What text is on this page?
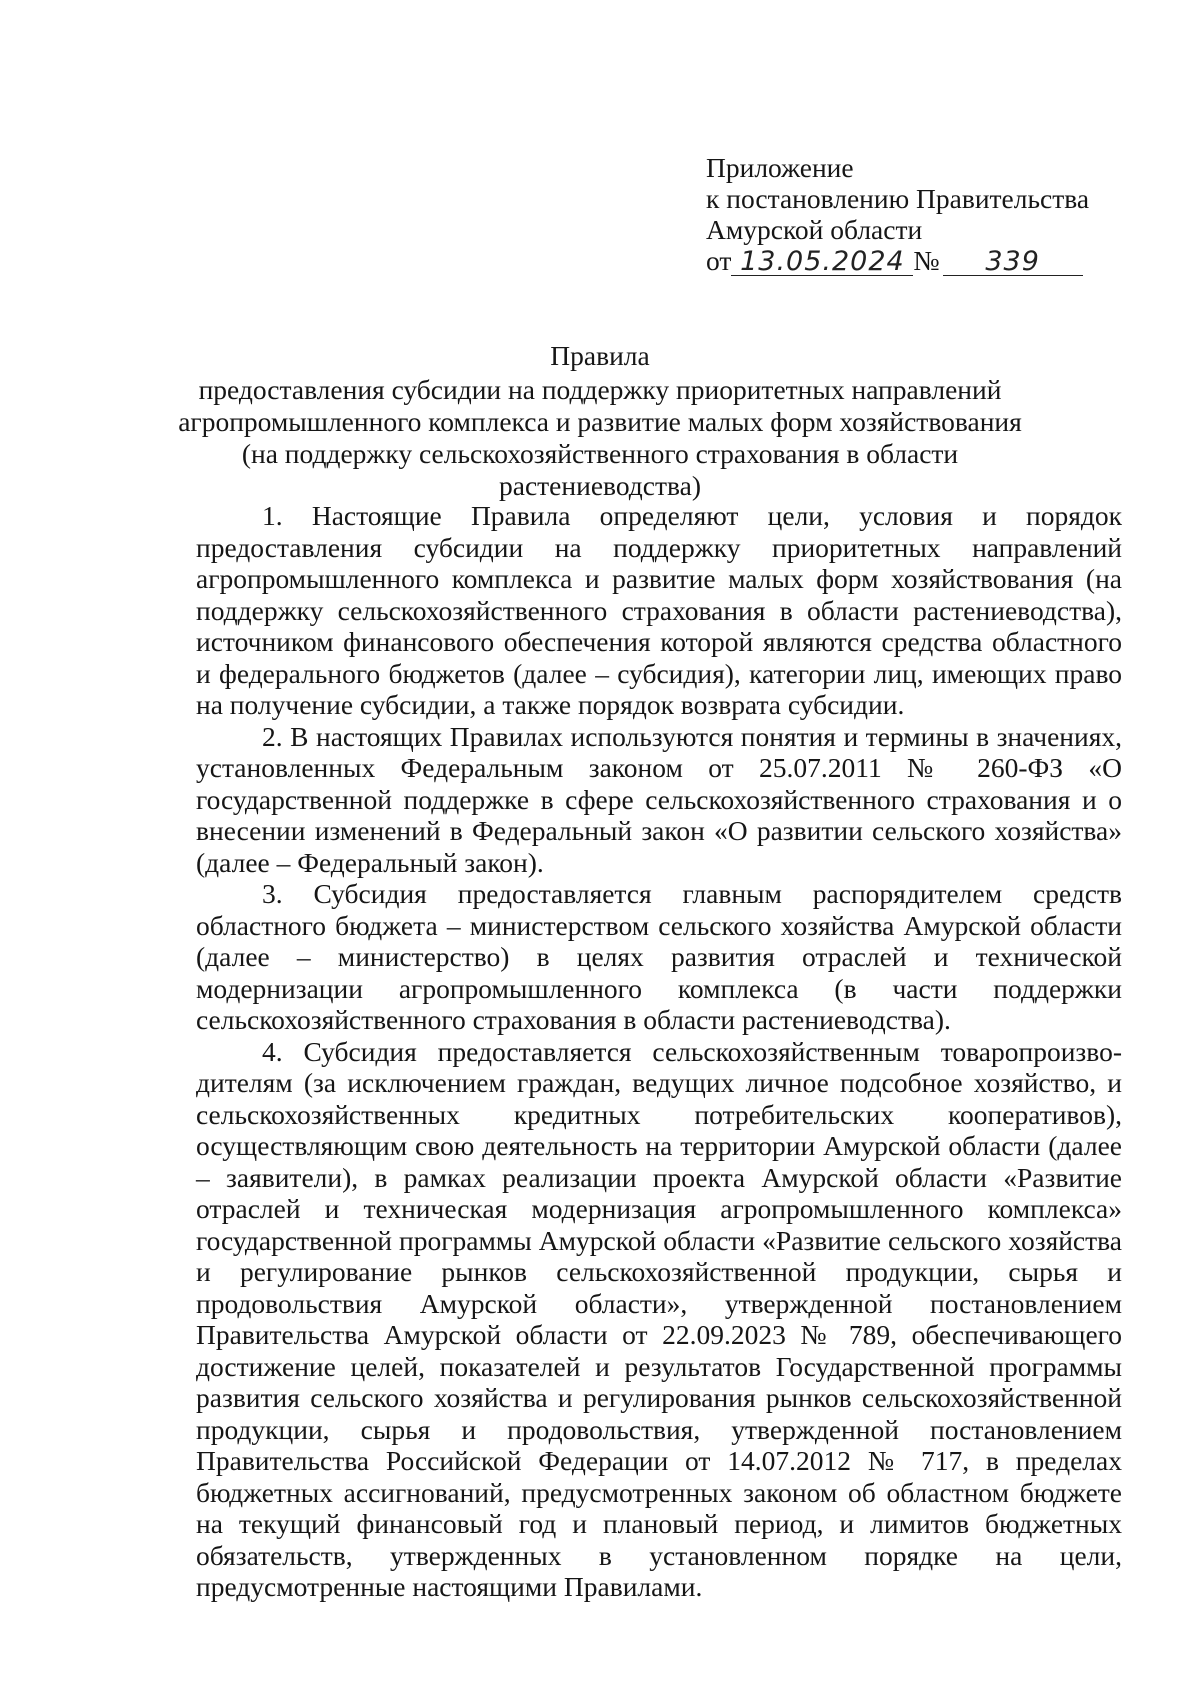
Приложение
к постановлению Правительства
Амурской области
от 13.05.2024 № 339
Правила
предоставления субсидии на поддержку приоритетных направлений
агропромышленного комплекса и развитие малых форм хозяйствования
(на поддержку сельскохозяйственного страхования в области растениеводства)

1. Настоящие Правила определяют цели, условия и порядок предоставления субсидии на поддержку приоритетных направлений агропромышленного комплекса и развитие малых форм хозяйствования (на поддержку сельскохозяйственного страхования в области растениеводства), источником финансового обеспечения которой являются средства областного и федерального бюджетов (далее – субсидия), категории лиц, имеющих право на получение субсидии, а также порядок возврата субсидии.

2. В настоящих Правилах используются понятия и термины в значениях, установленных Федеральным законом от 25.07.2011 № 260-ФЗ «О государственной поддержке в сфере сельскохозяйственного страхования и о внесении изменений в Федеральный закон «О развитии сельского хозяйства» (далее – Федеральный закон).

3. Субсидия предоставляется главным распорядителем средств областного бюджета – министерством сельского хозяйства Амурской области (далее – министерство) в целях развития отраслей и технической модернизации агропромышленного комплекса (в части поддержки сельскохозяйственного страхования в области растениеводства).

4. Субсидия предоставляется сельскохозяйственным товаропроизводителям (за исключением граждан, ведущих личное подсобное хозяйство, и сельскохозяйственных кредитных потребительских кооперативов), осуществляющим свою деятельность на территории Амурской области (далее – заявители), в рамках реализации проекта Амурской области «Развитие отраслей и техническая модернизация агропромышленного комплекса» государственной программы Амурской области «Развитие сельского хозяйства и регулирование рынков сельскохозяйственной продукции, сырья и продовольствия Амурской области», утвержденной постановлением Правительства Амурской области от 22.09.2023 № 789, обеспечивающего достижение целей, показателей и результатов Государственной программы развития сельского хозяйства и регулирования рынков сельскохозяйственной продукции, сырья и продовольствия, утвержденной постановлением Правительства Российской Федерации от 14.07.2012 № 717, в пределах бюджетных ассигнований, предусмотренных законом об областном бюджете на текущий финансовый год и плановый период, и лимитов бюджетных обязательств, утвержденных в установленном порядке на цели, предусмотренные настоящими Правилами.
